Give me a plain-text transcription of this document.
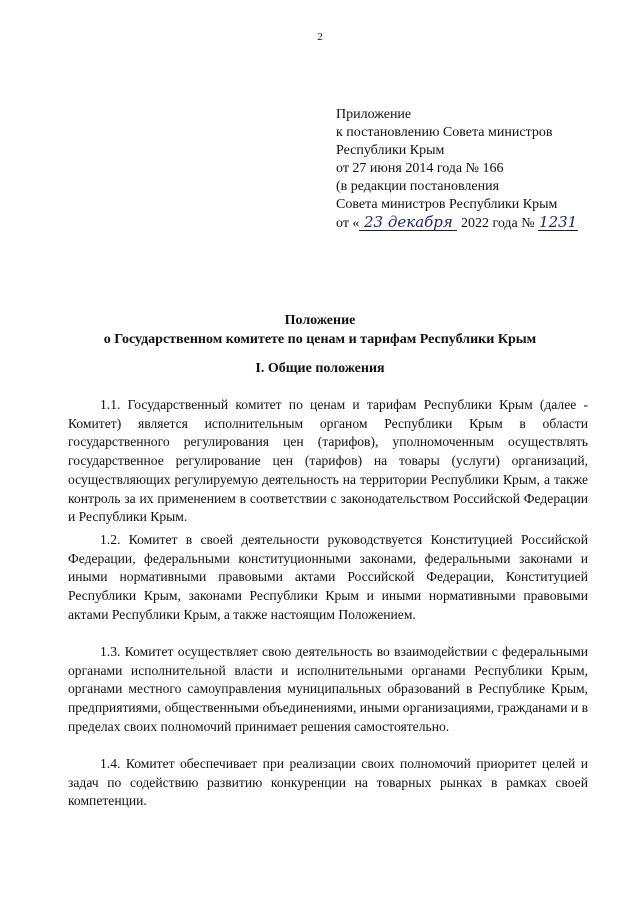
2
Приложение
к постановлению Совета министров
Республики Крым
от 27 июня 2014 года № 166
(в редакции постановления
Совета министров Республики Крым
от « 23 декабря 2022 года № 1231
Положение
о Государственном комитете по ценам и тарифам Республики Крым
I. Общие положения

1.1. Государственный комитет по ценам и тарифам Республики Крым (далее - Комитет) является исполнительным органом Республики Крым в области государственного регулирования цен (тарифов), уполномоченным осуществлять государственное регулирование цен (тарифов) на товары (услуги) организаций, осуществляющих регулируемую деятельность на территории Республики Крым, а также контроль за их применением в соответствии с законодательством Российской Федерации и Республики Крым.

1.2. Комитет в своей деятельности руководствуется Конституцией Российской Федерации, федеральными конституционными законами, федеральными законами и иными нормативными правовыми актами Российской Федерации, Конституцией Республики Крым, законами Республики Крым и иными нормативными правовыми актами Республики Крым, а также настоящим Положением.

1.3. Комитет осуществляет свою деятельность во взаимодействии с федеральными органами исполнительной власти и исполнительными органами Республики Крым, органами местного самоуправления муниципальных образований в Республике Крым, предприятиями, общественными объединениями, иными организациями, гражданами и в пределах своих полномочий принимает решения самостоятельно.

1.4. Комитет обеспечивает при реализации своих полномочий приоритет целей и задач по содействию развитию конкуренции на товарных рынках в рамках своей компетенции.
